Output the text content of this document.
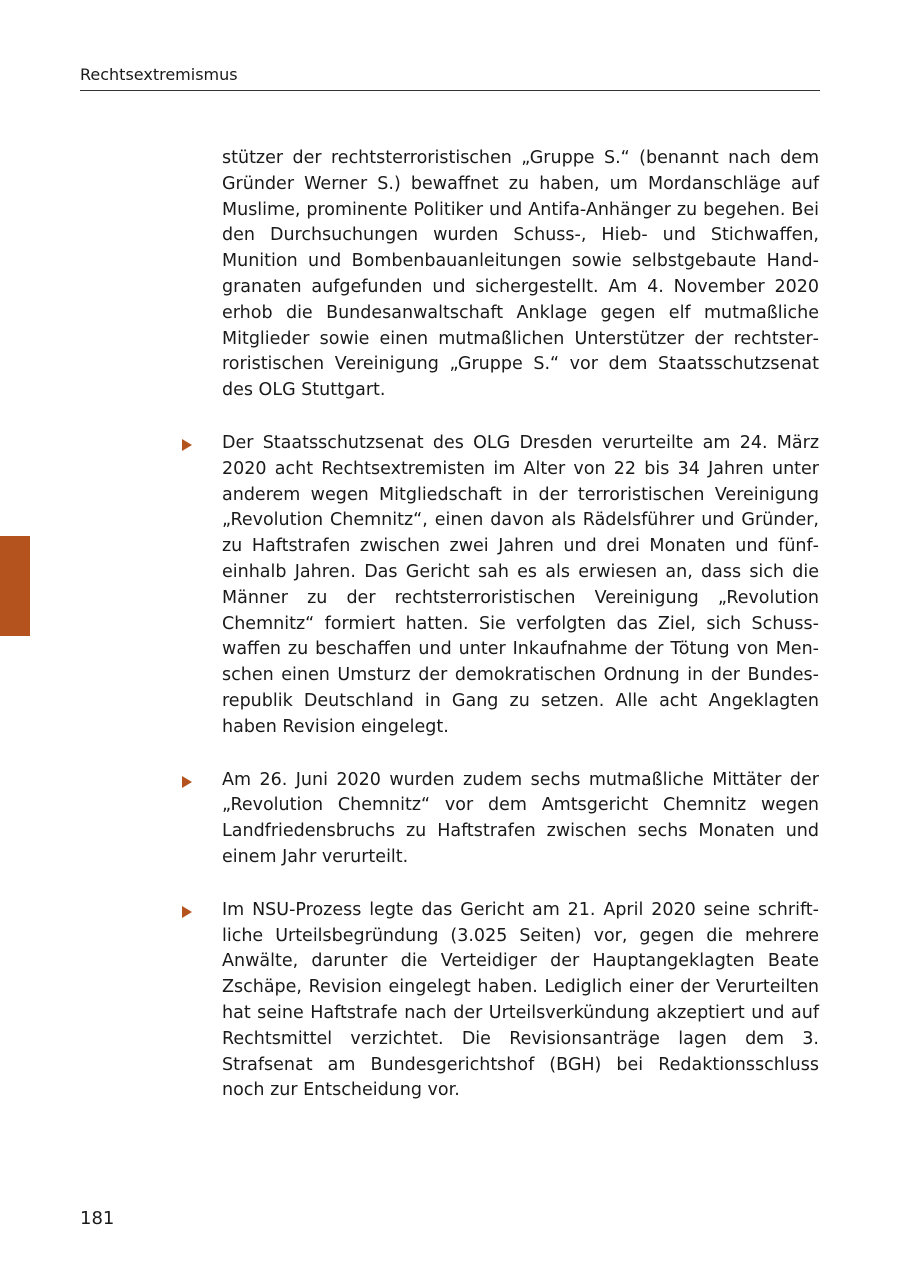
Rechtsextremismus

stützer der rechtsterroristischen „Gruppe S.“ (benannt nach dem Gründer Werner S.) bewaffnet zu haben, um Mordanschläge auf Muslime, prominente Politiker und Antifa-Anhänger zu begehen. Bei den Durchsuchungen wurden Schuss-, Hieb- und Stichwaffen, Munition und Bombenbauanleitungen sowie selbstgebaute Handgranaten aufgefunden und sichergestellt. Am 4. November 2020 erhob die Bundesanwaltschaft Anklage gegen elf mutmaßliche Mitglieder sowie einen mutmaßlichen Unterstützer der rechtsterroristischen Vereinigung „Gruppe S.“ vor dem Staatsschutzsenat des OLG Stuttgart.

Der Staatsschutzsenat des OLG Dresden verurteilte am 24. März 2020 acht Rechtsextremisten im Alter von 22 bis 34 Jahren unter anderem wegen Mitgliedschaft in der terroristischen Vereinigung „Revolution Chemnitz“, einen davon als Rädelsführer und Gründer, zu Haftstrafen zwischen zwei Jahren und drei Monaten und fünfeinhalb Jahren. Das Gericht sah es als erwiesen an, dass sich die Männer zu der rechtsterroristischen Vereinigung „Revolution Chemnitz“ formiert hatten. Sie verfolgten das Ziel, sich Schusswaffen zu beschaffen und unter Inkaufnahme der Tötung von Menschen einen Umsturz der demokratischen Ordnung in der Bundesrepublik Deutschland in Gang zu setzen. Alle acht Angeklagten haben Revision eingelegt.

Am 26. Juni 2020 wurden zudem sechs mutmaßliche Mittäter der „Revolution Chemnitz“ vor dem Amtsgericht Chemnitz wegen Landfriedensbruchs zu Haftstrafen zwischen sechs Monaten und einem Jahr verurteilt.

Im NSU-Prozess legte das Gericht am 21. April 2020 seine schriftliche Urteilsbegründung (3.025 Seiten) vor, gegen die mehrere Anwälte, darunter die Verteidiger der Hauptangeklagten Beate Zschäpe, Revision eingelegt haben. Lediglich einer der Verurteilten hat seine Haftstrafe nach der Urteilsverkündung akzeptiert und auf Rechtsmittel verzichtet. Die Revisionsanträge lagen dem 3. Strafsenat am Bundesgerichtshof (BGH) bei Redaktionsschluss noch zur Entscheidung vor.

181
